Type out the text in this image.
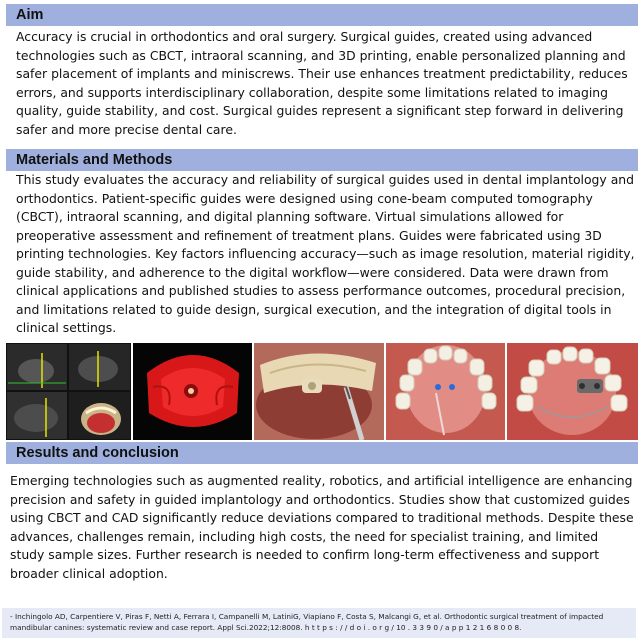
Aim

Accuracy is crucial in orthodontics and oral surgery. Surgical guides, created using advanced technologies such as CBCT, intraoral scanning, and 3D printing, enable personalized planning and safer placement of implants and miniscrews. Their use enhances treatment predictability, reduces errors, and supports interdisciplinary collaboration, despite some limitations related to imaging quality, guide stability, and cost. Surgical guides represent a significant step forward in delivering safer and more precise dental care.

Materials and Methods

This study evaluates the accuracy and reliability of surgical guides used in dental implantology and orthodontics. Patient-specific guides were designed using cone-beam computed tomography (CBCT), intraoral scanning, and digital planning software. Virtual simulations allowed for preoperative assessment and refinement of treatment plans. Guides were fabricated using 3D printing technologies. Key factors influencing accuracy—such as image resolution, material rigidity, guide stability, and adherence to the digital workflow—were considered. Data were drawn from clinical applications and published studies to assess performance outcomes, procedural precision, and limitations related to guide design, surgical execution, and the integration of digital tools in clinical settings.

Results and conclusion

Emerging technologies such as augmented reality, robotics, and artificial intelligence are enhancing precision and safety in guided implantology and orthodontics. Studies show that customized guides using CBCT and CAD significantly reduce deviations compared to traditional methods. Despite these advances, challenges remain, including high costs, the need for specialist training, and limited study sample sizes. Further research is needed to confirm long-term effectiveness and support broader clinical adoption.

- Inchingolo AD, Carpentiere V, Piras F, Netti A, Ferrara I, Campanelli M, LatiniG, Viapiano F, Costa S, Malcangi G, et al. Orthodontic surgical treatment of impacted mandibular canines: systematic review and case report. Appl Sci.2022;12:8008. h t t p s : / / d o i . o r g / 10 . 3 3 9 0 / a p p 1 2 1 6 8 0 0 8.
